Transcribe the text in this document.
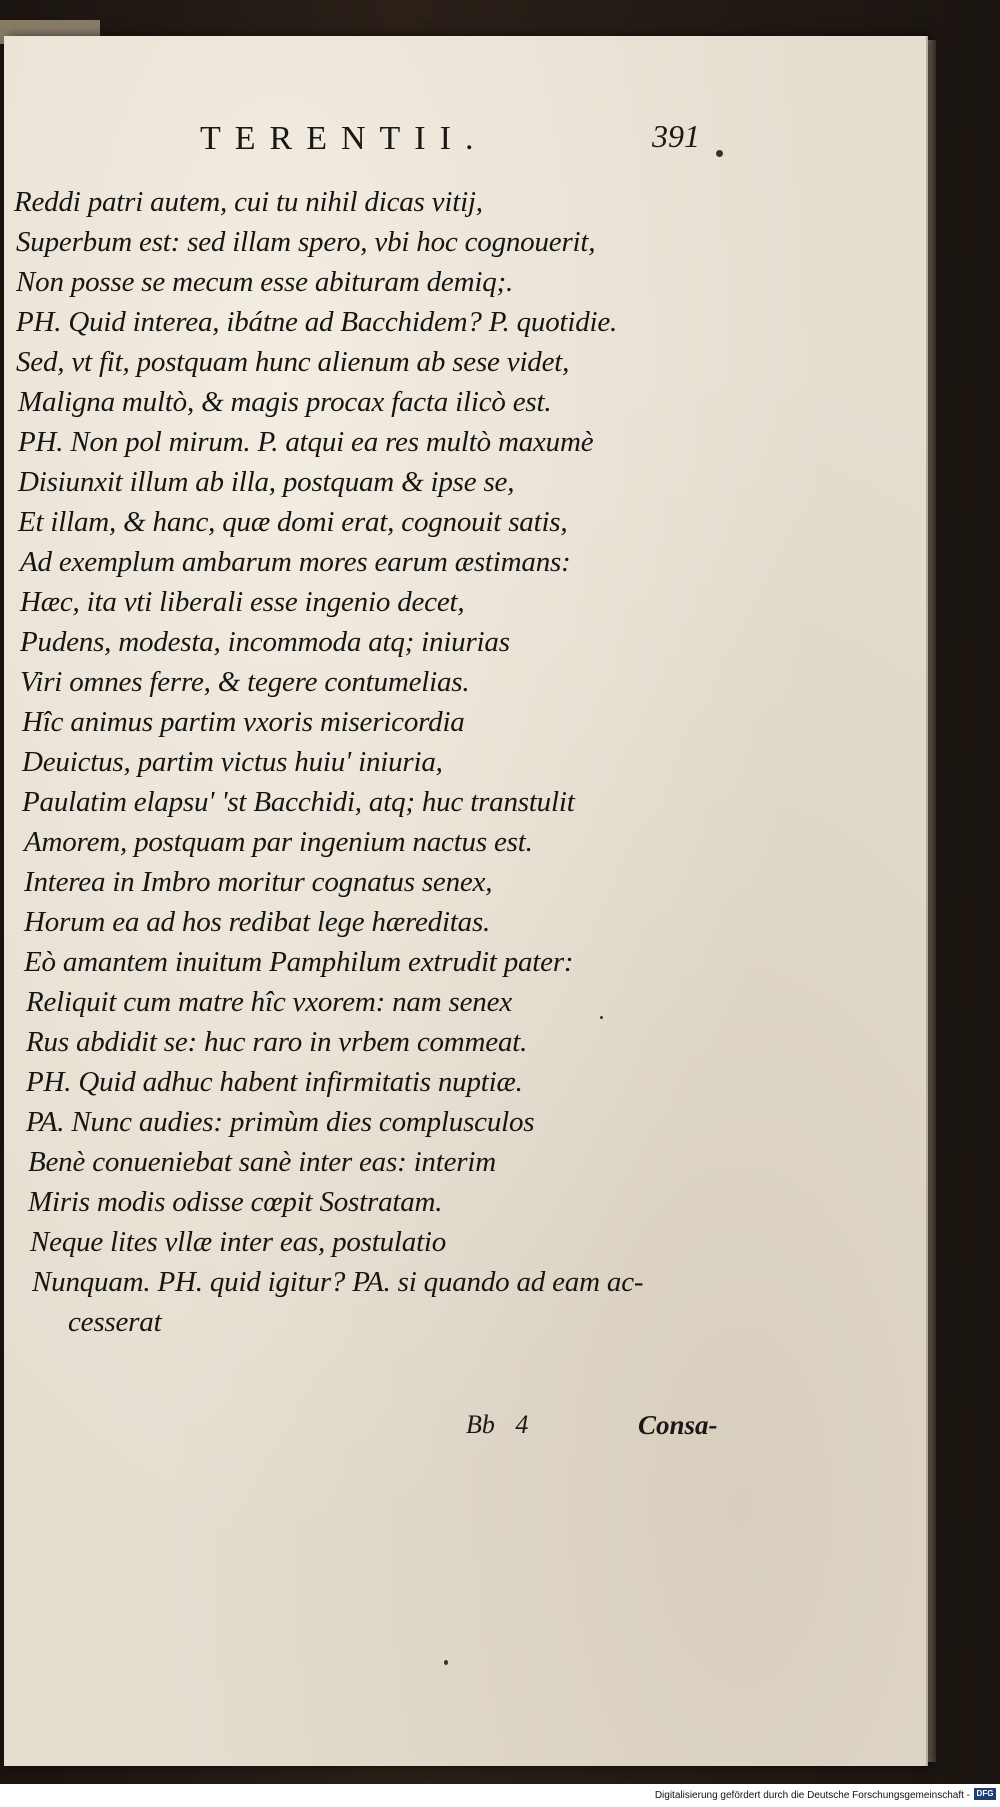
TERENTII.	391
Reddi patri autem, cui tu nihil dicas vitij,
Superbum est: sed illam spero, vbi hoc cognouerit,
Non posse se mecum esse abituram demiq;.
PH. Quid interea, ibátne ad Bacchidem? P. quotidie.
Sed, vt fit, postquam hunc alienum ab sese videt,
Maligna multò, & magis procax facta ilicò est.
PH. Non pol mirum. P. atqui ea res multò maxumè
Disiunxit illum ab illa, postquam & ipse se,
Et illam, & hanc, quæ domi erat, cognouit satis,
Ad exemplum ambarum mores earum æstimans:
Hæc, ita vti liberali esse ingenio decet,
Pudens, modesta, incommoda atq; iniurias
Viri omnes ferre, & tegere contumelias.
Hîc animus partim vxoris misericordia
Deuictus, partim victus huiu' iniuria,
Paulatim elapsu' 'st Bacchidi, atq; huc transtulit
Amorem, postquam par ingenium nactus est.
Interea in Imbro moritur cognatus senex,
Horum ea ad hos redibat lege hæreditas.
Eò amantem inuitum Pamphilum extrudit pater:
Reliquit cum matre hîc vxorem: nam senex
Rus abdidit se: huc raro in vrbem commeat.
PH. Quid adhuc habent infirmitatis nuptiæ.
PA. Nunc audies: primùm dies complusculos
Benè conueniebat sanè inter eas: interim
Miris modis odisse cœpit Sostratam.
Neque lites vllæ inter eas, postulatio
Nunquam. PH. quid igitur? PA. si quando ad eam ac-
cesserat
Bb 4	Consa-
Digitalisierung gefördert durch die Deutsche Forschungsgemeinschaft - DFG
